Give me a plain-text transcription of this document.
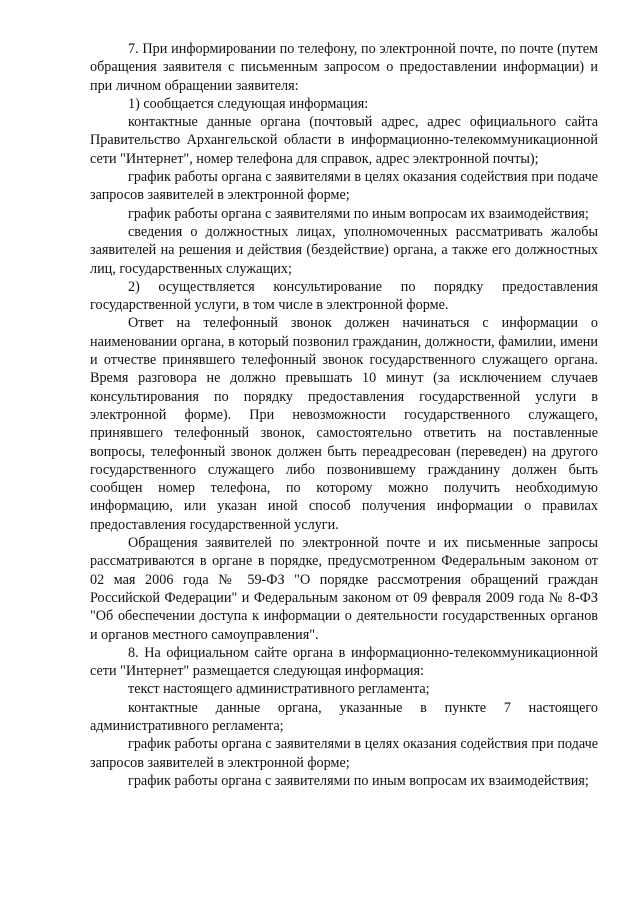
7. При информировании по телефону, по электронной почте, по почте (путем обращения заявителя с письменным запросом о предоставлении информации) и при личном обращении заявителя:

1) сообщается следующая информация:

контактные данные органа (почтовый адрес, адрес официального сайта Правительство Архангельской области в информационно-телекоммуникационной сети "Интернет", номер телефона для справок, адрес электронной почты);

график работы органа с заявителями в целях оказания содействия при подаче запросов заявителей в электронной форме;

график работы органа с заявителями по иным вопросам их взаимодействия;

сведения о должностных лицах, уполномоченных рассматривать жалобы заявителей на решения и действия (бездействие) органа, а также его должностных лиц, государственных служащих;

2) осуществляется консультирование по порядку предоставления государственной услуги, в том числе в электронной форме.

Ответ на телефонный звонок должен начинаться с информации о наименовании органа, в который позвонил гражданин, должности, фамилии, имени и отчестве принявшего телефонный звонок государственного служащего органа. Время разговора не должно превышать 10 минут (за исключением случаев консультирования по порядку предоставления государственной услуги в электронной форме). При невозможности государственного служащего, принявшего телефонный звонок, самостоятельно ответить на поставленные вопросы, телефонный звонок должен быть переадресован (переведен) на другого государственного служащего либо позвонившему гражданину должен быть сообщен номер телефона, по которому можно получить необходимую информацию, или указан иной способ получения информации о правилах предоставления государственной услуги.

Обращения заявителей по электронной почте и их письменные запросы рассматриваются в органе в порядке, предусмотренном Федеральным законом от 02 мая 2006 года № 59-ФЗ "О порядке рассмотрения обращений граждан Российской Федерации" и Федеральным законом от 09 февраля 2009 года № 8-ФЗ "Об обеспечении доступа к информации о деятельности государственных органов и органов местного самоуправления".

8. На официальном сайте органа в информационно-телекоммуникационной сети "Интернет" размещается следующая информация:

текст настоящего административного регламента;

контактные данные органа, указанные в пункте 7 настоящего административного регламента;

график работы органа с заявителями в целях оказания содействия при подаче запросов заявителей в электронной форме;

график работы органа с заявителями по иным вопросам их взаимодействия;
